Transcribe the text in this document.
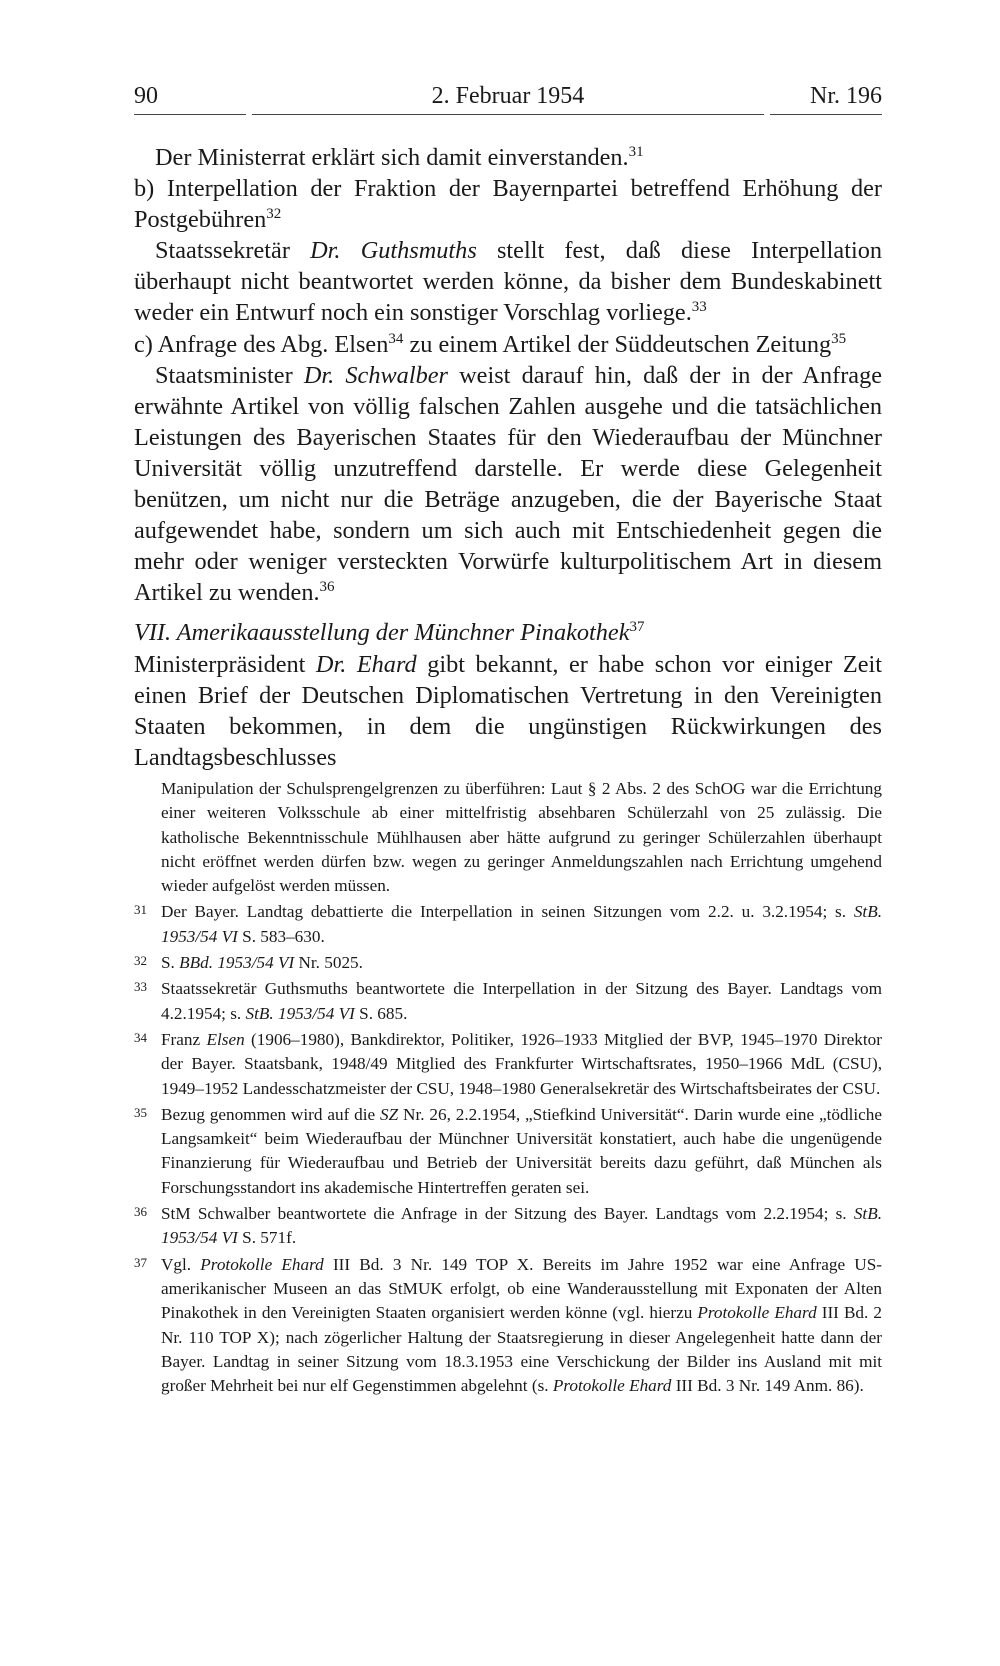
90	2. Februar 1954	Nr. 196

Der Ministerrat erklärt sich damit einverstanden.$^{31}$

b) Interpellation der Fraktion der Bayernpartei betreffend Erhöhung der Postgebühren$^{32}$

Staatssekretär Dr. Guthsmuths stellt fest, daß diese Interpellation überhaupt nicht beantwortet werden könne, da bisher dem Bundeskabinett weder ein Entwurf noch ein sonstiger Vorschlag vorliege.$^{33}$

c) Anfrage des Abg. Elsen$^{34}$ zu einem Artikel der Süddeutschen Zeitung$^{35}$

Staatsminister Dr. Schwalber weist darauf hin, daß der in der Anfrage erwähnte Artikel von völlig falschen Zahlen ausgehe und die tatsächlichen Leistungen des Bayerischen Staates für den Wiederaufbau der Münchner Universität völlig unzutreffend darstelle. Er werde diese Gelegenheit benützen, um nicht nur die Beträge anzugeben, die der Bayerische Staat aufgewendet habe, sondern um sich auch mit Entschiedenheit gegen die mehr oder weniger versteckten Vorwürfe kulturpolitischem Art in diesem Artikel zu wenden.$^{36}$

VII. Amerikaausstellung der Münchner Pinakothek$^{37}$

Ministerpräsident Dr. Ehard gibt bekannt, er habe schon vor einiger Zeit einen Brief der Deutschen Diplomatischen Vertretung in den Vereinigten Staaten bekommen, in dem die ungünstigen Rückwirkungen des Landtagsbeschlusses

Manipulation der Schulsprengelgrenzen zu überführen: Laut § 2 Abs. 2 des SchOG war die Errichtung einer weiteren Volksschule ab einer mittelfristig absehbaren Schülerzahl von 25 zulässig. Die katholische Bekenntnisschule Mühlhausen aber hätte aufgrund zu geringer Schülerzahlen überhaupt nicht eröffnet werden dürfen bzw. wegen zu geringer Anmeldungszahlen nach Errichtung umgehend wieder aufgelöst werden müssen.

31 Der Bayer. Landtag debattierte die Interpellation in seinen Sitzungen vom 2.2. u. 3.2.1954; s. StB. 1953/54 VI S. 583–630.
32 S. BBd. 1953/54 VI Nr. 5025.
33 Staatssekretär Guthsmuths beantwortete die Interpellation in der Sitzung des Bayer. Landtags vom 4.2.1954; s. StB. 1953/54 VI S. 685.
34 Franz Elsen (1906–1980), Bankdirektor, Politiker, 1926–1933 Mitglied der BVP, 1945–1970 Direktor der Bayer. Staatsbank, 1948/49 Mitglied des Frankfurter Wirtschaftsrates, 1950–1966 MdL (CSU), 1949–1952 Landesschatzmeister der CSU, 1948–1980 Generalsekretär des Wirtschaftsbeirates der CSU.
35 Bezug genommen wird auf die SZ Nr. 26, 2.2.1954, „Stiefkind Universität“. Darin wurde eine „tödliche Langsamkeit“ beim Wiederaufbau der Münchner Universität konstatiert, auch habe die ungenügende Finanzierung für Wiederaufbau und Betrieb der Universität bereits dazu geführt, daß München als Forschungsstandort ins akademische Hintertreffen geraten sei.
36 StM Schwalber beantwortete die Anfrage in der Sitzung des Bayer. Landtags vom 2.2.1954; s. StB. 1953/54 VI S. 571f.
37 Vgl. Protokolle Ehard III Bd. 3 Nr. 149 TOP X. Bereits im Jahre 1952 war eine Anfrage US-amerikanischer Museen an das StMUK erfolgt, ob eine Wanderausstellung mit Exponaten der Alten Pinakothek in den Vereinigten Staaten organisiert werden könne (vgl. hierzu Protokolle Ehard III Bd. 2 Nr. 110 TOP X); nach zögerlicher Haltung der Staatsregierung in dieser Angelegenheit hatte dann der Bayer. Landtag in seiner Sitzung vom 18.3.1953 eine Verschickung der Bilder ins Ausland mit mit großer Mehrheit bei nur elf Gegenstimmen abgelehnt (s. Protokolle Ehard III Bd. 3 Nr. 149 Anm. 86).
